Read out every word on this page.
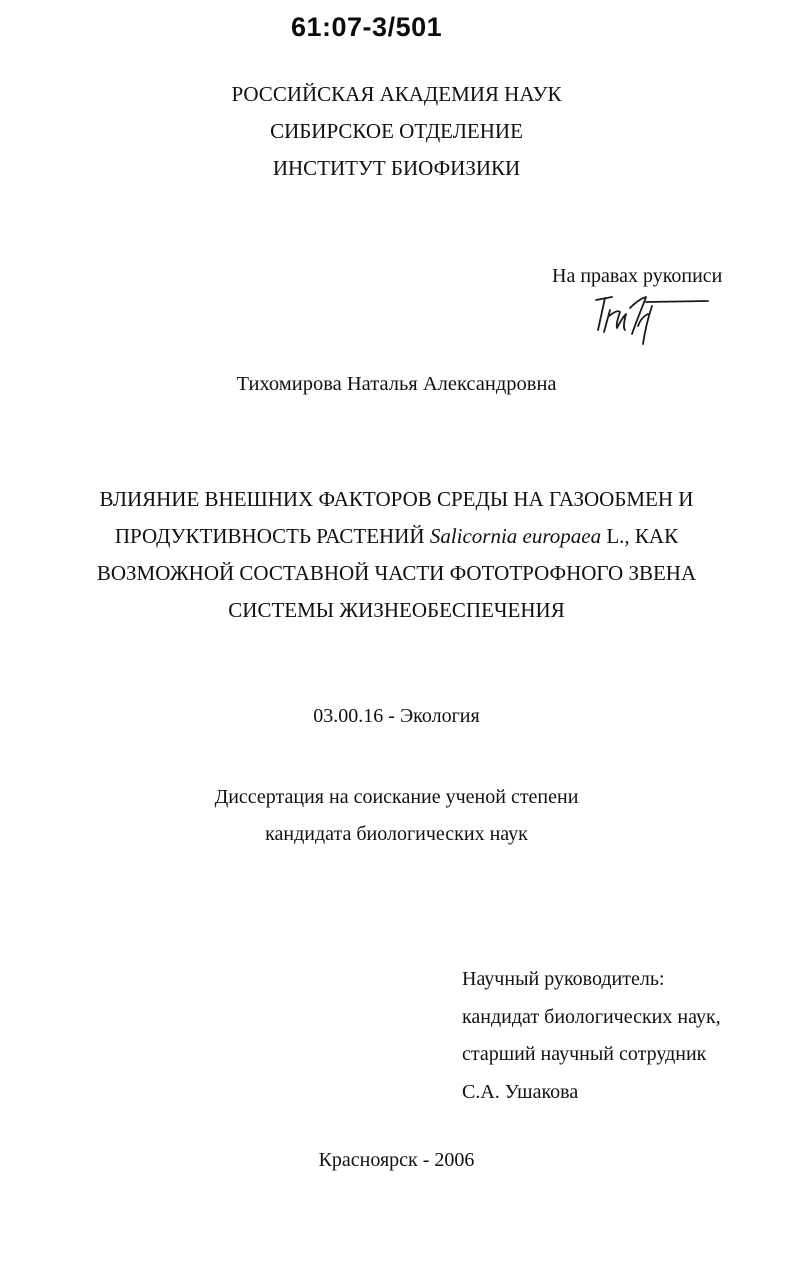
61:07-3/501
РОССИЙСКАЯ АКАДЕМИЯ НАУК
СИБИРСКОЕ ОТДЕЛЕНИЕ
ИНСТИТУТ БИОФИЗИКИ
На правах рукописи
Тихомирова Наталья Александровна
ВЛИЯНИЕ ВНЕШНИХ ФАКТОРОВ СРЕДЫ НА ГАЗООБМЕН И
ПРОДУКТИВНОСТЬ РАСТЕНИЙ Salicornia europaea L., КАК
ВОЗМОЖНОЙ СОСТАВНОЙ ЧАСТИ ФОТОТРОФНОГО ЗВЕНА
СИСТЕМЫ ЖИЗНЕОБЕСПЕЧЕНИЯ
03.00.16 - Экология
Диссертация на соискание ученой степени
кандидата биологических наук
Научный руководитель:
кандидат биологических наук,
старший научный сотрудник
С.А. Ушакова
Красноярск - 2006
